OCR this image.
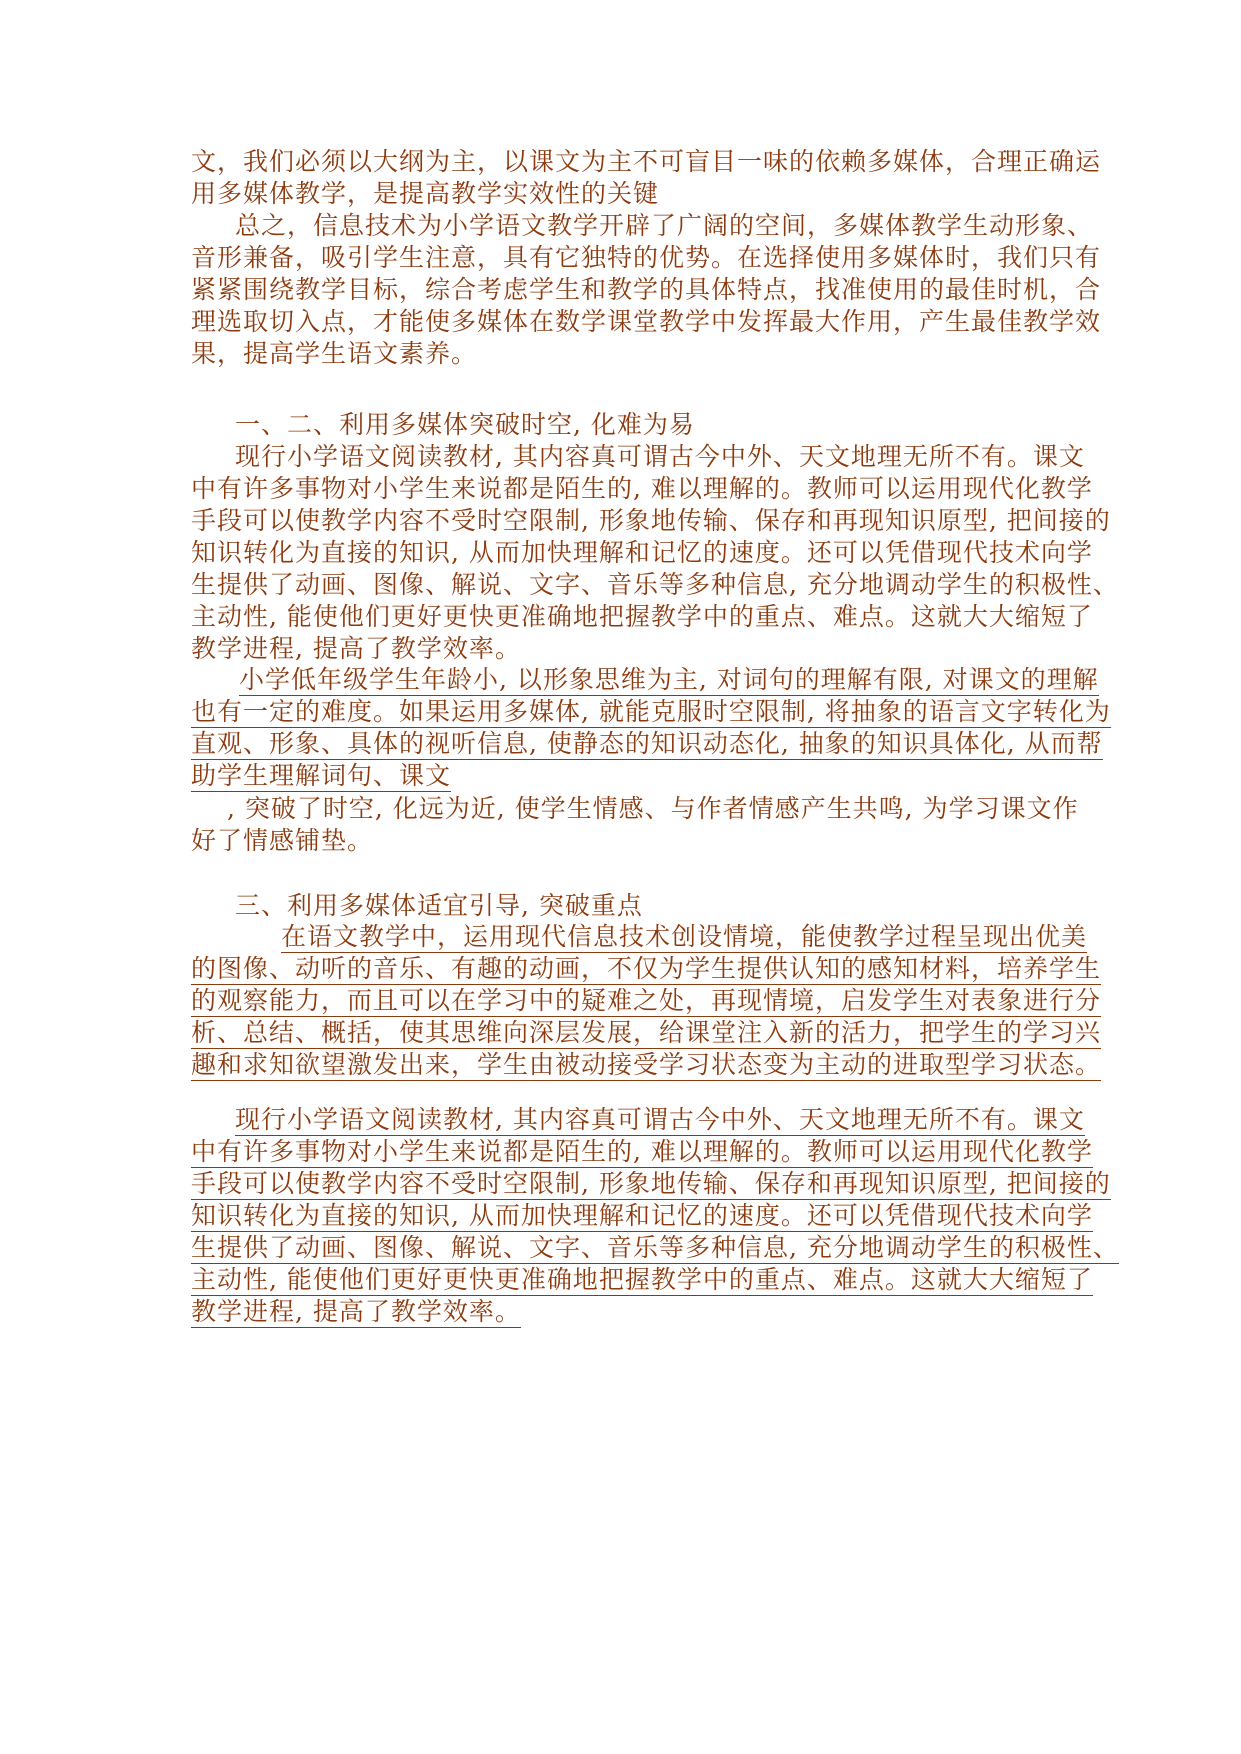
文，我们必须以大纲为主，以课文为主不可盲目一味的依赖多媒体，合理正确运
用多媒体教学，是提高教学实效性的关键
总之，信息技术为小学语文教学开辟了广阔的空间，多媒体教学生动形象、
音形兼备，吸引学生注意，具有它独特的优势。在选择使用多媒体时，我们只有
紧紧围绕教学目标，综合考虑学生和教学的具体特点，找准使用的最佳时机，合
理选取切入点，才能使多媒体在数学课堂教学中发挥最大作用，产生最佳教学效
果，提高学生语文素养。
一、二、利用多媒体突破时空, 化难为易
现行小学语文阅读教材, 其内容真可谓古今中外、天文地理无所不有。课文
中有许多事物对小学生来说都是陌生的, 难以理解的。教师可以运用现代化教学
手段可以使教学内容不受时空限制, 形象地传输、保存和再现知识原型, 把间接的
知识转化为直接的知识, 从而加快理解和记忆的速度。还可以凭借现代技术向学
生提供了动画、图像、解说、文字、音乐等多种信息, 充分地调动学生的积极性、
主动性, 能使他们更好更快更准确地把握教学中的重点、难点。这就大大缩短了
教学进程, 提高了教学效率。
小学低年级学生年龄小, 以形象思维为主, 对词句的理解有限, 对课文的理解
也有一定的难度。如果运用多媒体, 就能克服时空限制, 将抽象的语言文字转化为
直观、形象、具体的视听信息, 使静态的知识动态化, 抽象的知识具体化, 从而帮
助学生理解词句、课文
, 突破了时空, 化远为近, 使学生情感、与作者情感产生共鸣, 为学习课文作
好了情感铺垫。
三、利用多媒体适宜引导, 突破重点
在语文教学中，运用现代信息技术创设情境，能使教学过程呈现出优美
的图像、动听的音乐、有趣的动画，不仅为学生提供认知的感知材料，培养学生
的观察能力，而且可以在学习中的疑难之处，再现情境，启发学生对表象进行分
析、总结、概括，使其思维向深层发展，给课堂注入新的活力，把学生的学习兴
趣和求知欲望激发出来，学生由被动接受学习状态变为主动的进取型学习状态。
现行小学语文阅读教材, 其内容真可谓古今中外、天文地理无所不有。课文
中有许多事物对小学生来说都是陌生的, 难以理解的。教师可以运用现代化教学
手段可以使教学内容不受时空限制, 形象地传输、保存和再现知识原型, 把间接的
知识转化为直接的知识, 从而加快理解和记忆的速度。还可以凭借现代技术向学
生提供了动画、图像、解说、文字、音乐等多种信息, 充分地调动学生的积极性、
主动性, 能使他们更好更快更准确地把握教学中的重点、难点。这就大大缩短了
教学进程, 提高了教学效率。
